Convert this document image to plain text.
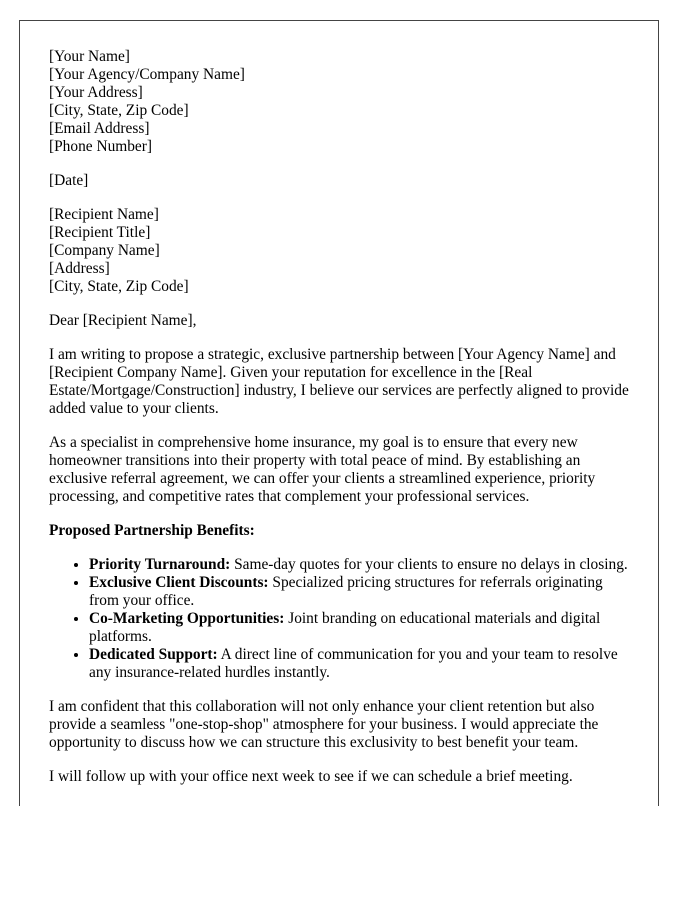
[Your Name]
[Your Agency/Company Name]
[Your Address]
[City, State, Zip Code]
[Email Address]
[Phone Number]
[Date]
[Recipient Name]
[Recipient Title]
[Company Name]
[Address]
[City, State, Zip Code]

Dear [Recipient Name],

I am writing to propose a strategic, exclusive partnership between [Your Agency Name] and [Recipient Company Name]. Given your reputation for excellence in the [Real Estate/Mortgage/Construction] industry, I believe our services are perfectly aligned to provide added value to your clients.

As a specialist in comprehensive home insurance, my goal is to ensure that every new homeowner transitions into their property with total peace of mind. By establishing an exclusive referral agreement, we can offer your clients a streamlined experience, priority processing, and competitive rates that complement your professional services.

Proposed Partnership Benefits:
• Priority Turnaround: Same-day quotes for your clients to ensure no delays in closing.
• Exclusive Client Discounts: Specialized pricing structures for referrals originating from your office.
• Co-Marketing Opportunities: Joint branding on educational materials and digital platforms.
• Dedicated Support: A direct line of communication for you and your team to resolve any insurance-related hurdles instantly.

I am confident that this collaboration will not only enhance your client retention but also provide a seamless "one-stop-shop" atmosphere for your business. I would appreciate the opportunity to discuss how we can structure this exclusivity to best benefit your team.

I will follow up with your office next week to see if we can schedule a brief meeting.
